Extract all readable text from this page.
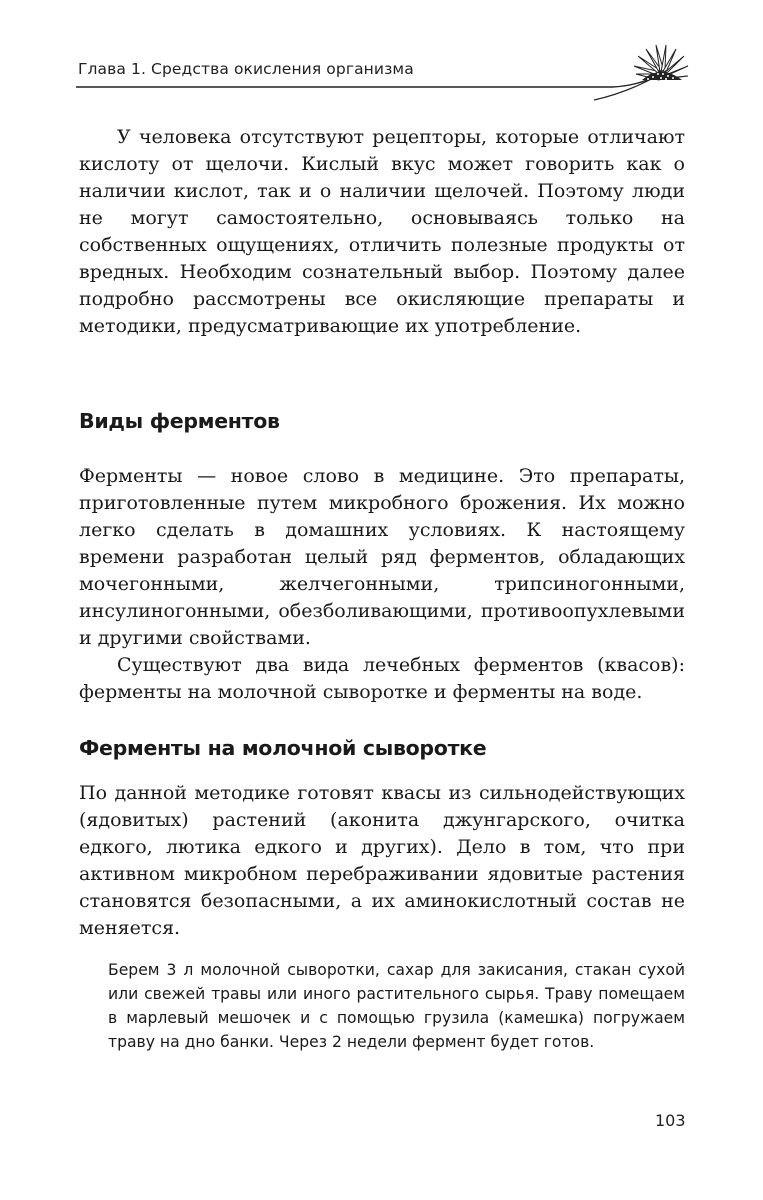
Глава 1. Средства окисления организма

У человека отсутствуют рецепторы, которые отличают кислоту от щелочи. Кислый вкус может говорить как о наличии кислот, так и о наличии щелочей. Поэтому люди не могут самостоятельно, основываясь только на собственных ощущениях, отличить полезные продукты от вредных. Необходим сознательный выбор. Поэтому далее подробно рассмотрены все окисляющие препараты и методики, предусматривающие их употребление.

Виды ферментов

Ферменты — новое слово в медицине. Это препараты, приготовленные путем микробного брожения. Их можно легко сделать в домашних условиях. К настоящему времени разработан целый ряд ферментов, обладающих мочегонными, желчегонными, трипсиногонными, инсулиногонными, обезболивающими, противоопухлевыми и другими свойствами.

Существуют два вида лечебных ферментов (квасов): ферменты на молочной сыворотке и ферменты на воде.

Ферменты на молочной сыворотке

По данной методике готовят квасы из сильнодействующих (ядовитых) растений (аконита джунгарского, очитка едкого, лютика едкого и других). Дело в том, что при активном микробном перебраживании ядовитые растения становятся безопасными, а их аминокислотный состав не меняется.

Берем 3 л молочной сыворотки, сахар для закисания, стакан сухой или свежей травы или иного растительного сырья. Траву помещаем в марлевый мешочек и с помощью грузила (камешка) погружаем траву на дно банки. Через 2 недели фермент будет готов.

103
